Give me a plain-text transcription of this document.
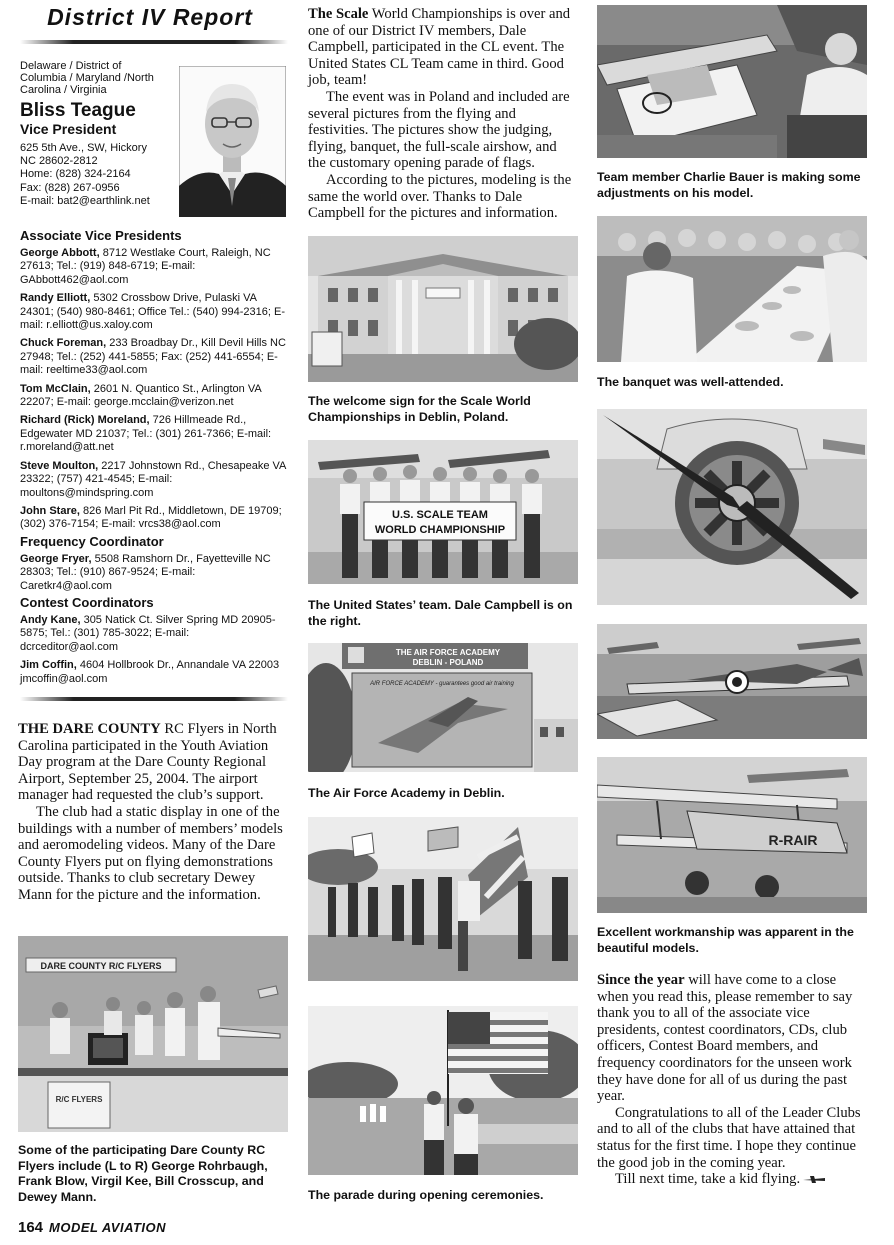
District IV Report
Delaware / District of Columbia / Maryland /North Carolina / Virginia
Bliss Teague
Vice President
625 5th Ave., SW, Hickory
NC 28602-2812
Home: (828) 324-2164
Fax: (828) 267-0956
E-mail: bat2@earthlink.net
Associate Vice Presidents
George Abbott, 8712 Westlake Court, Raleigh, NC 27613; Tel.: (919) 848-6719; E-mail: GAbbott462@aol.com
Randy Elliott, 5302 Crossbow Drive, Pulaski VA 24301; (540) 980-8461; Office Tel.: (540) 994-2316; E-mail: r.elliott@us.xaloy.com
Chuck Foreman, 233 Broadbay Dr., Kill Devil Hills NC 27948; Tel.: (252) 441-5855; Fax: (252) 441-6554; E-mail: reeltime33@aol.com
Tom McClain, 2601 N. Quantico St., Arlington VA 22207; E-mail: george.mcclain@verizon.net
Richard (Rick) Moreland, 726 Hillmeade Rd., Edgewater MD 21037; Tel.: (301) 261-7366; E-mail: r.moreland@att.net
Steve Moulton, 2217 Johnstown Rd., Chesapeake VA 23322; (757) 421-4545; E-mail: moultons@mindspring.com
John Stare, 826 Marl Pit Rd., Middletown, DE 19709; (302) 376-7154; E-mail: vrcs38@aol.com
Frequency Coordinator
George Fryer, 5508 Ramshorn Dr., Fayetteville NC 28303; Tel.: (910) 867-9524; E-mail: Caretkr4@aol.com
Contest Coordinators
Andy Kane, 305 Natick Ct. Silver Spring MD 20905-5875; Tel.: (301) 785-3022; E-mail: dcrceditor@aol.com
Jim Coffin, 4604 Hollbrook Dr., Annandale VA 22003 jmcoffin@aol.com

THE DARE COUNTY RC Flyers in North Carolina participated in the Youth Aviation Day program at the Dare County Regional Airport, September 25, 2004. The airport manager had requested the club’s support.

The club had a static display in one of the buildings with a number of members’ models and aeromodeling videos. Many of the Dare County Flyers put on flying demonstrations outside. Thanks to club secretary Dewey Mann for the picture and the information.

DARE COUNTY R/C FLYERS
R/C FLYERS
Some of the participating Dare County RC Flyers include (L to R) George Rohrbaugh, Frank Blow, Virgil Kee, Bill Crosscup, and Dewey Mann.
164 MODEL AVIATION

The Scale World Championships is over and one of our District IV members, Dale Campbell, participated in the CL event. The United States CL Team came in third. Good job, team!

The event was in Poland and included are several pictures from the flying and festivities. The pictures show the judging, flying, banquet, the full-scale airshow, and the customary opening parade of flags.

According to the pictures, modeling is the same the world over. Thanks to Dale Campbell for the pictures and information.

The welcome sign for the Scale World Championships in Deblin, Poland.
U.S. SCALE TEAM
WORLD CHAMPIONSHIP
The United States’ team. Dale Campbell is on the right.
THE AIR FORCE ACADEMY
DEBLIN - POLAND
AIR FORCE ACADEMY - guarantees good air training
The Air Force Academy in Deblin.
The parade during opening ceremonies.
Team member Charlie Bauer is making some adjustments on his model.
The banquet was well-attended.
R-RAIR
Excellent workmanship was apparent in the beautiful models.

Since the year will have come to a close when you read this, please remember to say thank you to all of the associate vice presidents, contest coordinators, CDs, club officers, Contest Board members, and frequency coordinators for the unseen work they have done for all of us during the past year.

Congratulations to all of the Leader Clubs and to all of the clubs that have attained that status for the first time. I hope they continue the good job in the coming year.

Till next time, take a kid flying.
